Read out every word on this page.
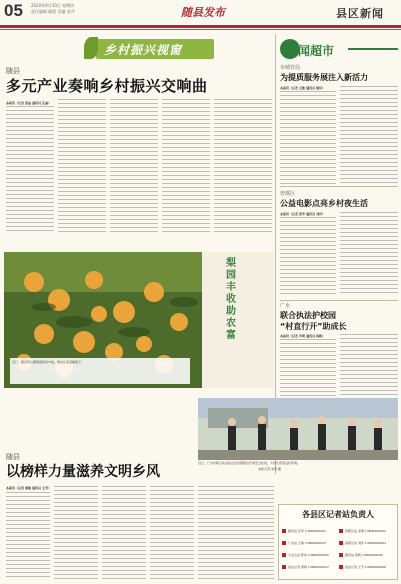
05 2020年9月10日 星期四
责任编辑 颜晨 美编 张丹	随县发布	县区新闻
乡村振兴视窗	新闻超市
随县
多元产业奏响乡村振兴交响曲
本报讯（记者 张晶 通讯员 孔丽）
梨园丰收助农富
近日，随县厉山镇梨园迎来丰收，果农忙着采摘梨子。
市城管局
为提质服务展注入新活力
本报讯（记者 王敏 通讯员 陈伟）
曾都区
公益电影点亮乡村夜生活
本报讯（记者 张军 通讯员 刘洋）
广水
联合执法护校园
“村直行开”助成长
本报讯（记者 李明 通讯员 杨帆）
近日，广水市联合执法队伍在校园周边开展安全检查，为学生营造良好环境。
本报记者 李明 摄
随县
以榜样力量滋养文明乡风
本报讯（记者 周敏 通讯员 王芳）
各县区记者站负责人
随县站 张军 13800000001	曾都区站 李明 13800000002
广水站 王敏 13800000003	高新区站 刘洋 13800000004
大洪山站 陈伟 13800000005	随州站 杨帆 13800000006
驻站记者 周敏 13800000007	驻站记者 王芳 13800000008
